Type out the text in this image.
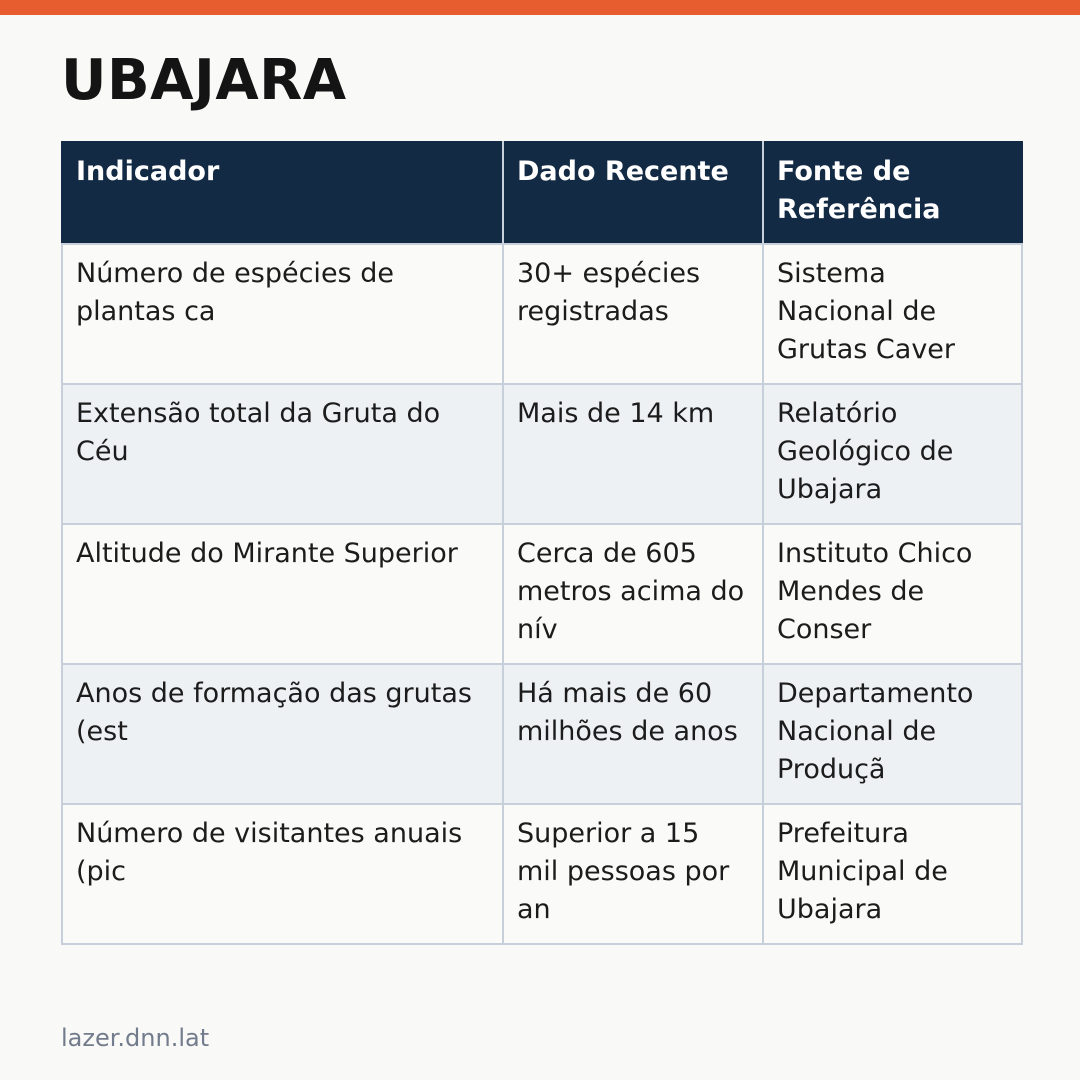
UBAJARA
Indicador	Dado Recente	Fonte de Referência
Número de espécies de plantas ca	30+ espécies registradas	Sistema Nacional de Grutas Caver
Extensão total da Gruta do Céu	Mais de 14 km	Relatório Geológico de Ubajara
Altitude do Mirante Superior	Cerca de 605 metros acima do nív	Instituto Chico Mendes de Conser
Anos de formação das grutas (est	Há mais de 60 milhões de anos	Departamento Nacional de Produçã
Número de visitantes anuais (pic	Superior a 15 mil pessoas por an	Prefeitura Municipal de Ubajara
lazer.dnn.lat
